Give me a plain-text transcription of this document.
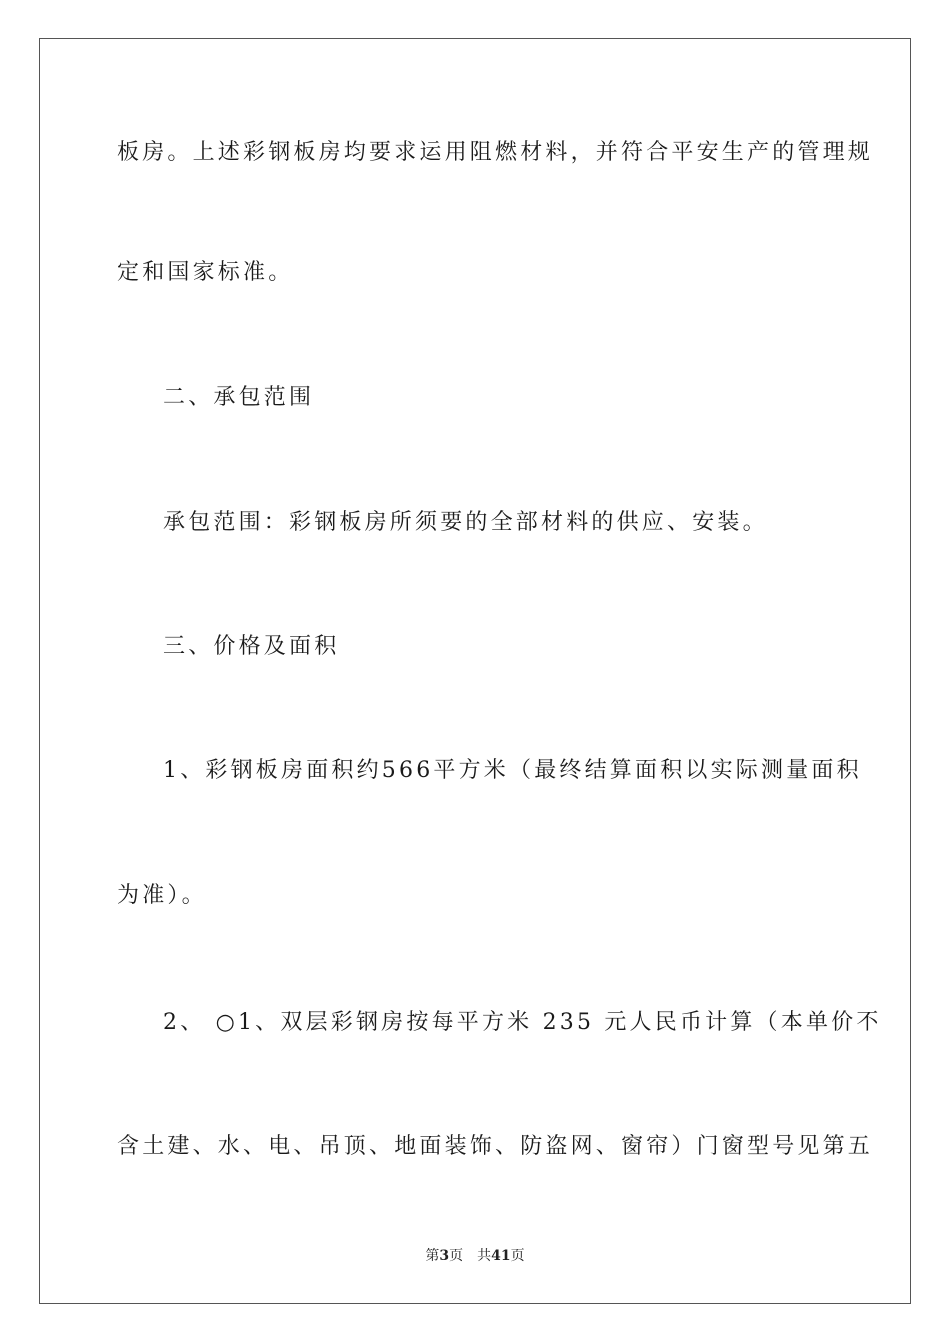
板房。上述彩钢板房均要求运用阻燃材料，并符合平安生产的管理规
定和国家标准。
二、承包范围
承包范围：彩钢板房所须要的全部材料的供应、安装。
三、价格及面积
1、彩钢板房面积约566平方米（最终结算面积以实际测量面积
为准）。
2、 ○1、双层彩钢房按每平方米 235 元人民币计算（本单价不
含土建、水、电、吊顶、地面装饰、防盗网、窗帘）门窗型号见第五
第3页 共41页
